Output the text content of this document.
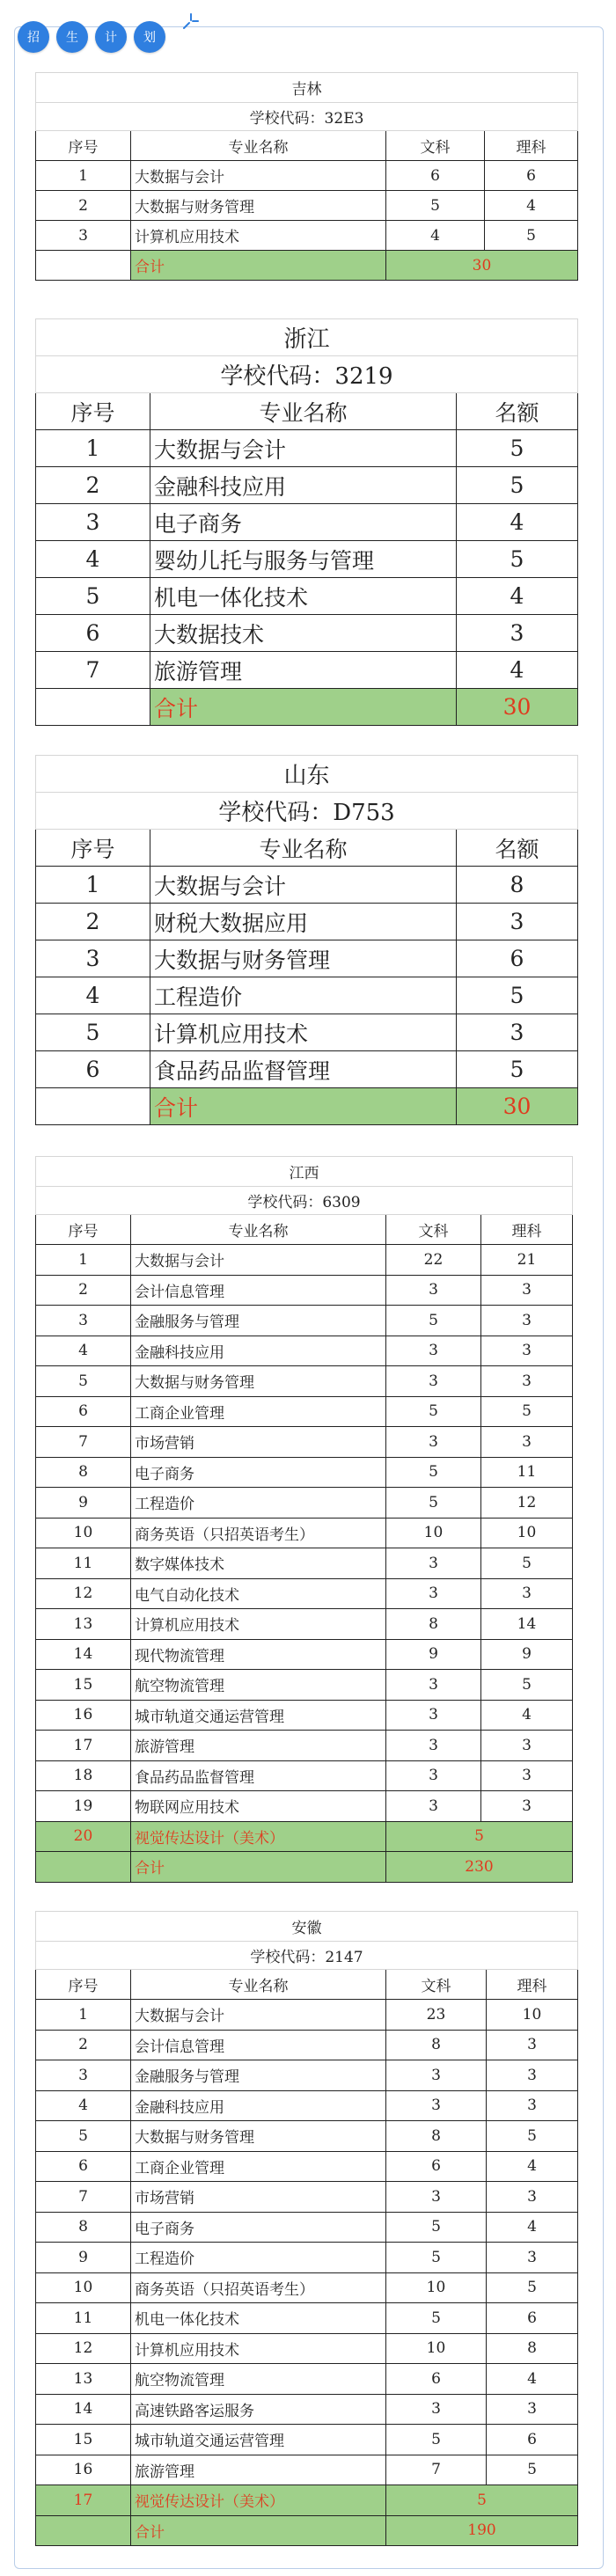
招	生	计	划
吉林			
学校代码：32E3			
序号	专业名称	文科	理科
1	大数据与会计	6	6
2	大数据与财务管理	5	4
3	计算机应用技术	4	5
	合计	30	
浙江		
学校代码：3219		
序号	专业名称	名额
1	大数据与会计	5
2	金融科技应用	5
3	电子商务	4
4	婴幼儿托与服务与管理	5
5	机电一体化技术	4
6	大数据技术	3
7	旅游管理	4
	合计	30
山东		
学校代码：D753		
序号	专业名称	名额
1	大数据与会计	8
2	财税大数据应用	3
3	大数据与财务管理	6
4	工程造价	5
5	计算机应用技术	3
6	食品药品监督管理	5
	合计	30
江西			
学校代码：6309			
序号	专业名称	文科	理科
1	大数据与会计	22	21
2	会计信息管理	3	3
3	金融服务与管理	5	3
4	金融科技应用	3	3
5	大数据与财务管理	3	3
6	工商企业管理	5	5
7	市场营销	3	3
8	电子商务	5	11
9	工程造价	5	12
10	商务英语（只招英语考生）	10	10
11	数字媒体技术	3	5
12	电气自动化技术	3	3
13	计算机应用技术	8	14
14	现代物流管理	9	9
15	航空物流管理	3	5
16	城市轨道交通运营管理	3	4
17	旅游管理	3	3
18	食品药品监督管理	3	3
19	物联网应用技术	3	3
20	视觉传达设计（美术）	5	
	合计	230	
安徽			
学校代码：2147			
序号	专业名称	文科	理科
1	大数据与会计	23	10
2	会计信息管理	8	3
3	金融服务与管理	3	3
4	金融科技应用	3	3
5	大数据与财务管理	8	5
6	工商企业管理	6	4
7	市场营销	3	3
8	电子商务	5	4
9	工程造价	5	3
10	商务英语（只招英语考生）	10	5
11	机电一体化技术	5	6
12	计算机应用技术	10	8
13	航空物流管理	6	4
14	高速铁路客运服务	3	3
15	城市轨道交通运营管理	5	6
16	旅游管理	7	5
17	视觉传达设计（美术）	5	
	合计	190	
